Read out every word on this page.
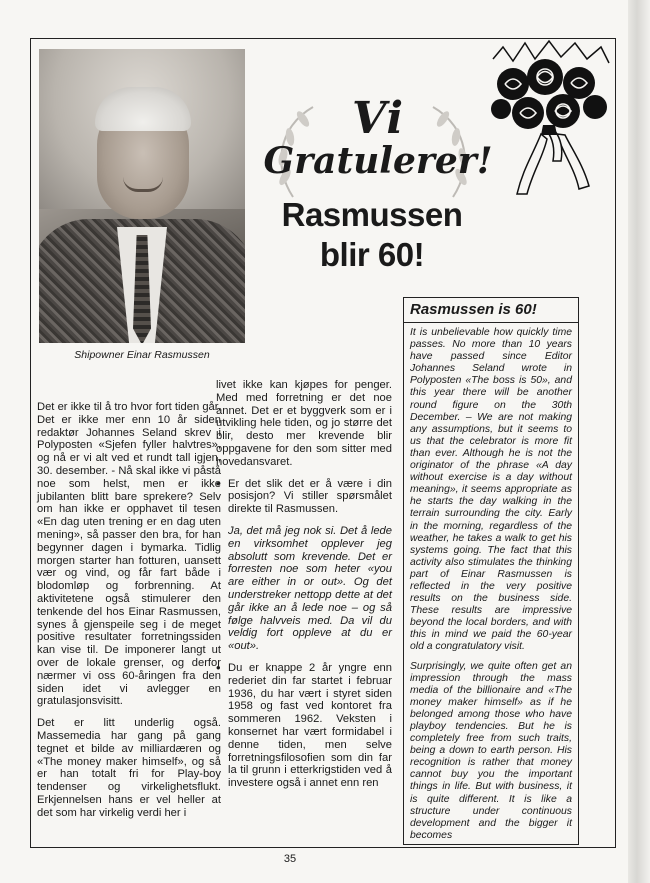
Shipowner Einar Rasmussen
Vi
Gratulerer!
Rasmussen
blir 60!
Rasmussen is 60!

It is unbelievable how quickly time passes. No more than 10 years have passed since Editor Johannes Seland wrote in Polyposten «The boss is 50», and this year there will be another round figure on the 30th December. – We are not making any assumptions, but it seems to us that the celebrator is more fit than ever. Although he is not the originator of the phrase «A day without exercise is a day without meaning», it seems appropriate as he starts the day walking in the terrain surrounding the city. Early in the morning, regardless of the weather, he takes a walk to get his systems going. The fact that this activity also stimulates the thinking part of Einar Rasmussen is reflected in the very positive results on the business side. These results are impressive beyond the local borders, and with this in mind we paid the 60-year old a congratulatory visit.

Surprisingly, we quite often get an impression through the mass media of the billionaire and «The money maker himself» as if he belonged among those who have playboy tendencies. But he is completely free from such traits, being a down to earth person. His recognition is rather that money cannot buy you the important things in life. But with business, it is quite different. It is like a structure under continuous development and the bigger it becomes

Det er ikke til å tro hvor fort tiden går. Det er ikke mer enn 10 år siden redaktør Johannes Seland skrev i Polyposten «Sjefen fyller halvtres», og nå er vi alt ved et rundt tall igjen, 30. desember. - Nå skal ikke vi påstå noe som helst, men er ikke jubilanten blitt bare sprekere? Selv om han ikke er opphavet til tesen «En dag uten trening er en dag uten mening», så passer den bra, for han begynner dagen i bymarka. Tidlig morgen starter han fotturen, uansett vær og vind, og får fart både i blodomløp og forbrenning. At aktivitetene også stimulerer den tenkende del hos Einar Rasmussen, synes å gjenspeile seg i de meget positive resultater forretningssiden kan vise til. De imponerer langt ut over de lokale grenser, og derfor nærmer vi oss 60-åringen fra den siden idet vi avlegger en gratulasjonsvisitt.

Det er litt underlig også. Massemedia har gang på gang tegnet et bilde av milliardæren og «The money maker himself», og så er han totalt fri for Play-boy tendenser og virkelighetsflukt. Erkjennelsen hans er vel heller at det som har virkelig verdi her i

livet ikke kan kjøpes for penger. Med med forretning er det noe annet. Det er et byggverk som er i utvikling hele tiden, og jo større det blir, desto mer krevende blir oppgavene for den som sitter med hovedansvaret.

• Er det slik det er å være i din posisjon? Vi stiller spørsmålet direkte til Rasmussen.

Ja, det må jeg nok si. Det å lede en virksomhet opplever jeg absolutt som krevende. Det er forresten noe som heter «you are either in or out». Og det understreker nettopp dette at det går ikke an å lede noe – og så følge halvveis med. Da vil du veldig fort oppleve at du er «out».

• Du er knappe 2 år yngre enn rederiet din far startet i februar 1936, du har vært i styret siden 1958 og fast ved kontoret fra sommeren 1962. Veksten i konsernet har vært formidabel i denne tiden, men selve forretningsfilosofien som din far la til grunn i etterkrigstiden ved å investere også i annet enn ren

35
